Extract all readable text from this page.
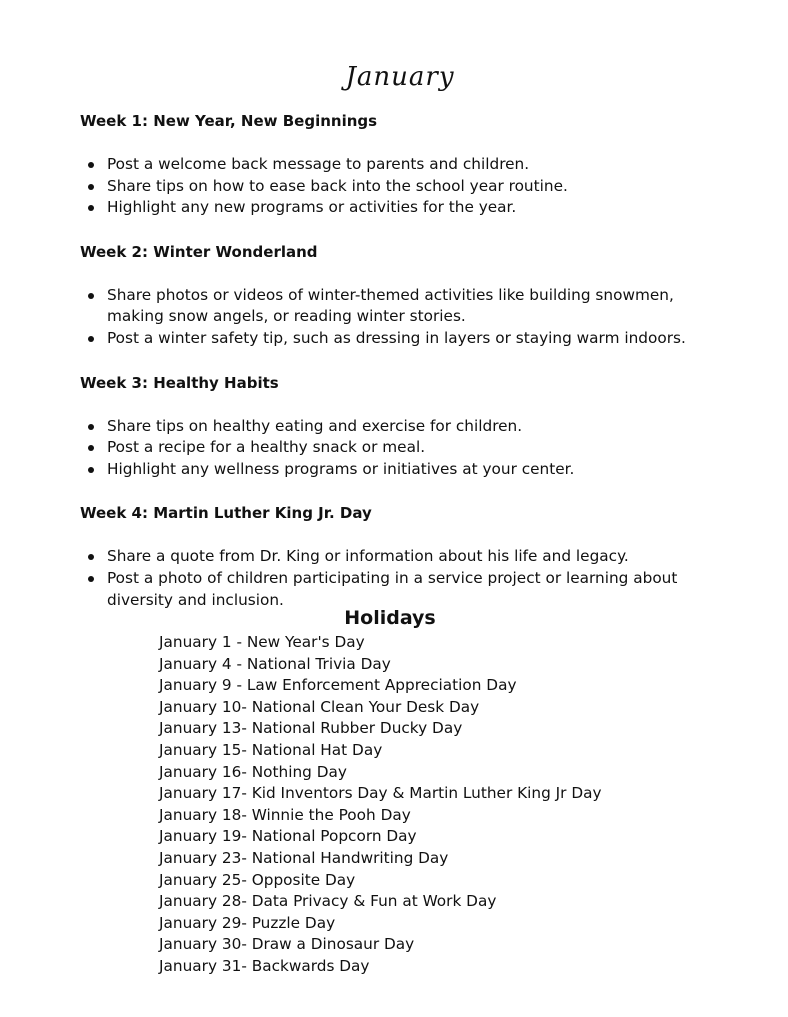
January
Week 1: New Year, New Beginnings
Post a welcome back message to parents and children.
Share tips on how to ease back into the school year routine.
Highlight any new programs or activities for the year.
Week 2: Winter Wonderland
Share photos or videos of winter-themed activities like building snowmen, making snow angels, or reading winter stories.
Post a winter safety tip, such as dressing in layers or staying warm indoors.
Week 3: Healthy Habits
Share tips on healthy eating and exercise for children.
Post a recipe for a healthy snack or meal.
Highlight any wellness programs or initiatives at your center.
Week 4: Martin Luther King Jr. Day
Share a quote from Dr. King or information about his life and legacy.
Post a photo of children participating in a service project or learning about diversity and inclusion.
Holidays
January 1 - New Year's Day
January 4 - National Trivia Day
January 9 - Law Enforcement Appreciation Day
January 10- National Clean Your Desk Day
January 13- National Rubber Ducky Day
January 15- National Hat Day
January 16- Nothing Day
January 17- Kid Inventors Day & Martin Luther King Jr Day
January 18- Winnie the Pooh Day
January 19- National Popcorn Day
January 23- National Handwriting Day
January 25- Opposite Day
January 28- Data Privacy & Fun at Work Day
January 29- Puzzle Day
January 30- Draw a Dinosaur Day
January 31- Backwards Day
